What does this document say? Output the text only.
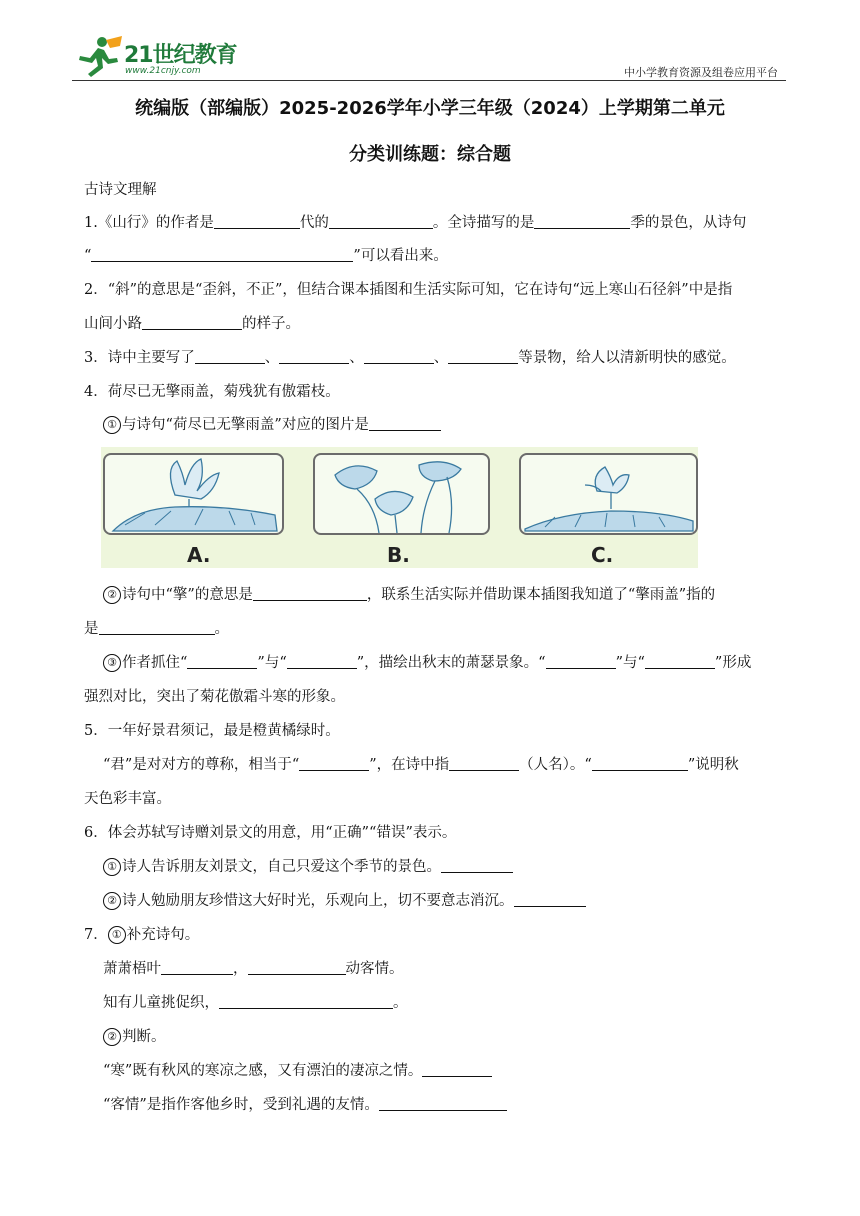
21世纪教育
www.21cnjy.com	中小学教育资源及组卷应用平台
统编版（部编版）2025-2026学年小学三年级（2024）上学期第二单元
分类训练题：综合题
古诗文理解
1.《山行》的作者是	代的	。全诗描写的是	季的景色，从诗句
“	”可以看出来。
2．“斜”的意思是“歪斜，不正”，但结合课本插图和生活实际可知，它在诗句“远上寒山石径斜”中是指
山间小路	的样子。
3．诗中主要写了	、	、	、	等景物，给人以清新明快的感觉。
4．荷尽已无擎雨盖，菊残犹有傲霜枝。
① 与诗句“荷尽已无擎雨盖”对应的图片是
A.	B.	C.
② 诗句中“擎”的意思是	，联系生活实际并借助课本插图我知道了“擎雨盖”指的
是	。
③ 作者抓住“	”与“	”，描绘出秋末的萧瑟景象。“	”与“	”形成
强烈对比，突出了菊花傲霜斗寒的形象。
5．一年好景君须记，最是橙黄橘绿时。
“君”是对对方的尊称，相当于“	”，在诗中指	（人名）。“	”说明秋
天色彩丰富。
6．体会苏轼写诗赠刘景文的用意，用“正确”“错误”表示。
① 诗人告诉朋友刘景文，自己只爱这个季节的景色。
② 诗人勉励朋友珍惜这大好时光，乐观向上，切不要意志消沉。
7． ① 补充诗句。
萧萧梧叶	，	动客情。
知有儿童挑促织，	。
② 判断。
“寒”既有秋风的寒凉之感，又有漂泊的凄凉之情。
“客情”是指作客他乡时，受到礼遇的友情。
